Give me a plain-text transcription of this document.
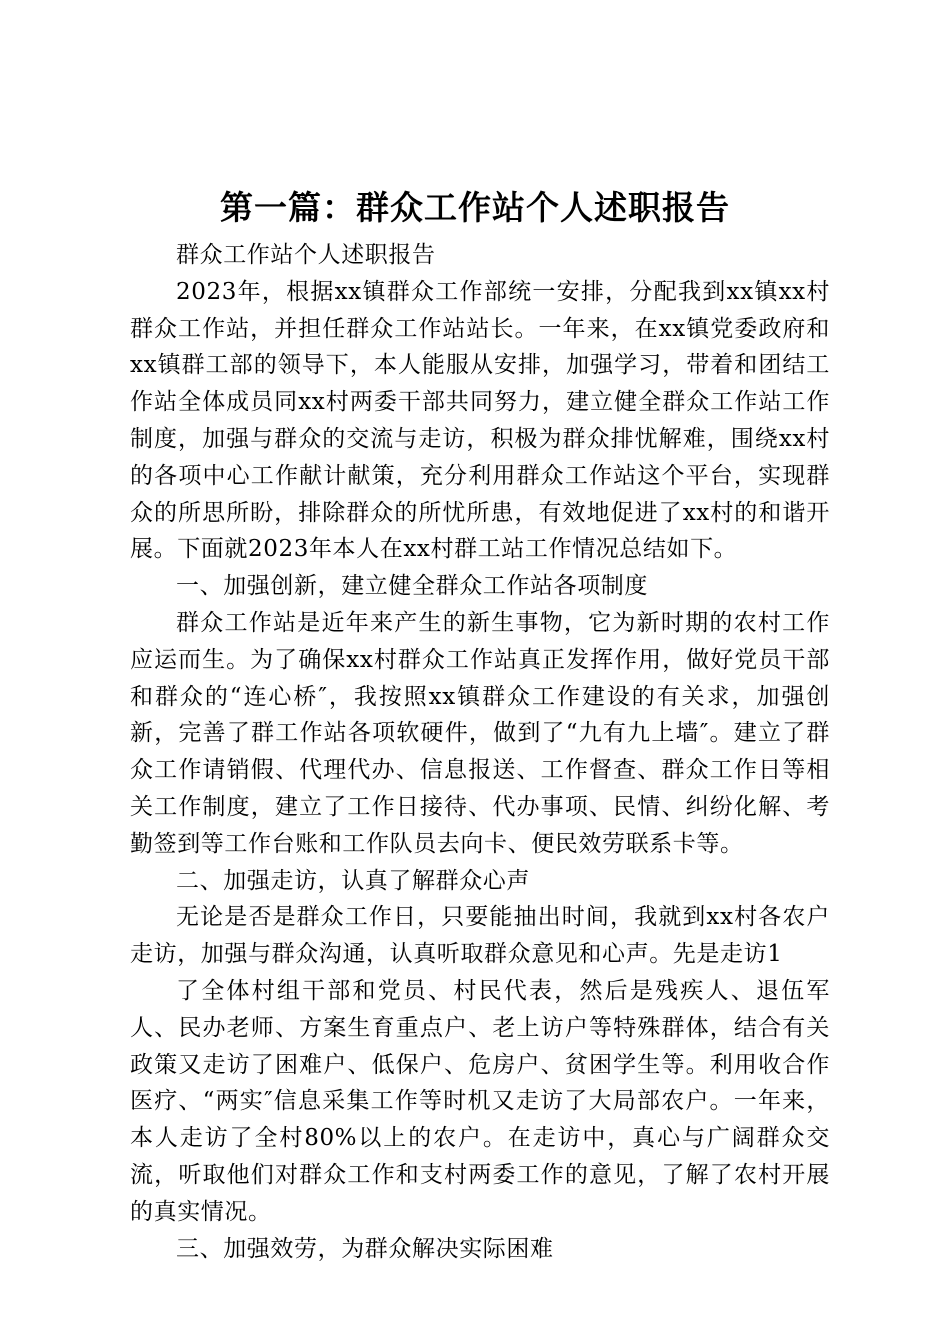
第一篇：群众工作站个人述职报告

群众工作站个人述职报告

2023年，根据xx镇群众工作部统一安排，分配我到xx镇xx村群众工作站，并担任群众工作站站长。一年来，在xx镇党委政府和xx镇群工部的领导下，本人能服从安排，加强学习，带着和团结工作站全体成员同xx村两委干部共同努力，建立健全群众工作站工作制度，加强与群众的交流与走访，积极为群众排忧解难，围绕xx村的各项中心工作献计献策，充分利用群众工作站这个平台，实现群众的所思所盼，排除群众的所忧所患，有效地促进了xx村的和谐开展。下面就2023年本人在xx村群工站工作情况总结如下。

一、加强创新，建立健全群众工作站各项制度

群众工作站是近年来产生的新生事物，它为新时期的农村工作应运而生。为了确保xx村群众工作站真正发挥作用，做好党员干部和群众的“连心桥″，我按照xx镇群众工作建设的有关求，加强创新，完善了群工作站各项软硬件，做到了“九有九上墙″。建立了群众工作请销假、代理代办、信息报送、工作督查、群众工作日等相关工作制度，建立了工作日接待、代办事项、民情、纠纷化解、考勤签到等工作台账和工作队员去向卡、便民效劳联系卡等。

二、加强走访，认真了解群众心声

无论是否是群众工作日，只要能抽出时间，我就到xx村各农户走访，加强与群众沟通，认真听取群众意见和心声。先是走访1

了全体村组干部和党员、村民代表，然后是残疾人、退伍军人、民办老师、方案生育重点户、老上访户等特殊群体，结合有关政策又走访了困难户、低保户、危房户、贫困学生等。利用收合作医疗、“两实″信息采集工作等时机又走访了大局部农户。一年来，本人走访了全村80%以上的农户。在走访中，真心与广阔群众交流，听取他们对群众工作和支村两委工作的意见，了解了农村开展的真实情况。

三、加强效劳，为群众解决实际困难
